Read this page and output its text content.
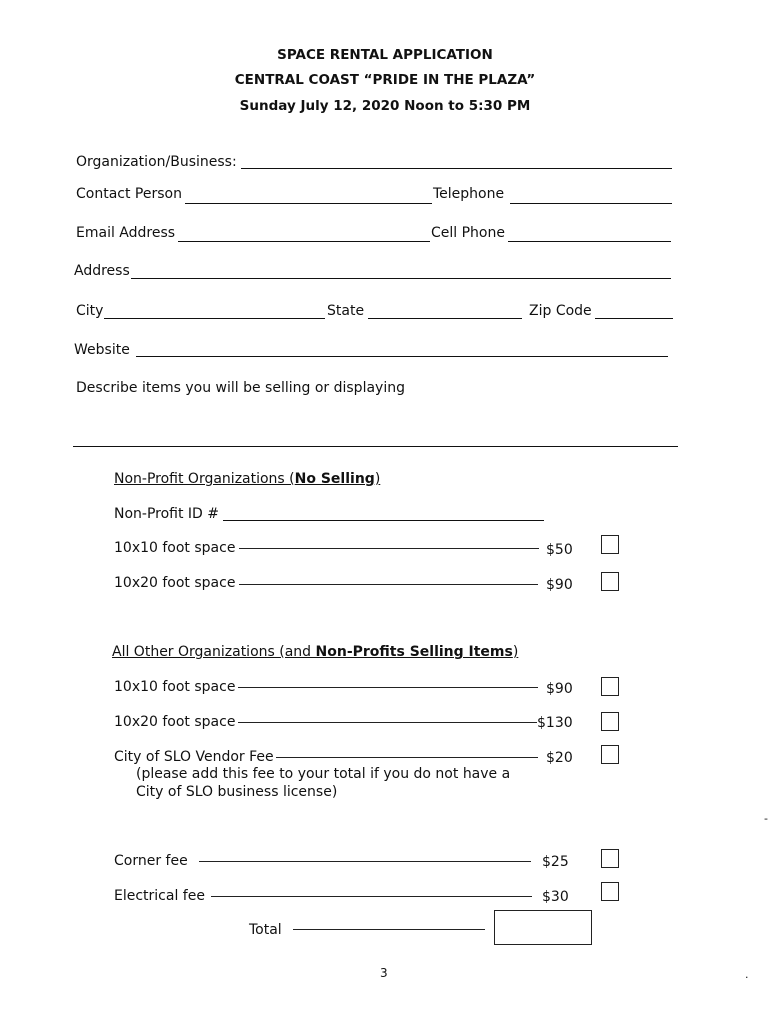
SPACE RENTAL APPLICATION
CENTRAL COAST “PRIDE IN THE PLAZA”
Sunday July 12, 2020 Noon to 5:30 PM
Organization/Business:
Contact Person	Telephone
Email Address	Cell Phone
Address
City	State	Zip Code
Website
Describe items you will be selling or displaying
Non-Profit Organizations (No Selling)
Non-Profit ID #
10x10 foot space	$50
10x20 foot space	$90
All Other Organizations (and Non-Profits Selling Items)
10x10 foot space	$90
10x20 foot space	$130
City of SLO Vendor Fee	$20
(please add this fee to your total if you do not have a
City of SLO business license)
-
Corner fee	$25
Electrical fee	$30
Total
3	.
